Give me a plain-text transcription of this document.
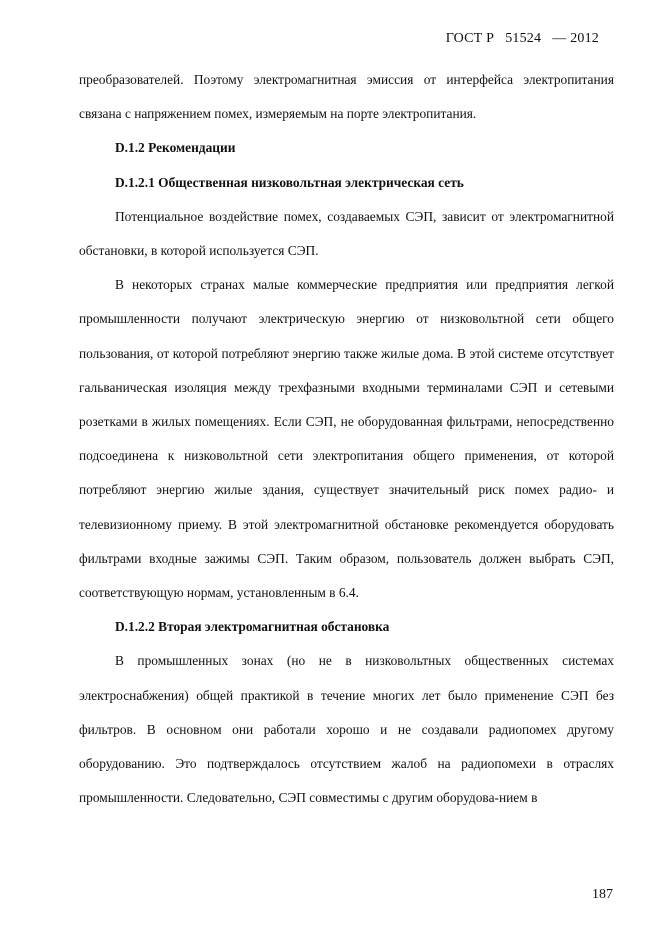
ГОСТ Р   51524   — 2012

преобразователей. Поэтому электромагнитная эмиссия от интерфейса электропитания связана с напряжением помех, измеряемым на порте электропитания.

D.1.2 Рекомендации

D.1.2.1 Общественная низковольтная электрическая сеть

Потенциальное воздействие помех, создаваемых СЭП, зависит от электромагнитной обстановки, в которой используется СЭП.

В некоторых странах малые коммерческие предприятия или предприятия легкой промышленности получают электрическую энергию от низковольтной сети общего пользования, от которой потребляют энергию также жилые дома. В этой системе отсутствует гальваническая изоляция между трехфазными входными терминалами СЭП и сетевыми розетками в жилых помещениях. Если СЭП, не оборудованная фильтрами, непосредственно подсоединена к низковольтной сети электропитания общего применения, от которой потребляют энергию жилые здания, существует значительный риск помех радио- и телевизионному приему. В этой электромагнитной обстановке рекомендуется оборудовать фильтрами входные зажимы СЭП. Таким образом, пользователь должен выбрать СЭП, соответствующую нормам, установленным в 6.4.

D.1.2.2 Вторая электромагнитная обстановка

В промышленных зонах (но не в низковольтных общественных системах электроснабжения) общей практикой в течение многих лет было применение СЭП без фильтров. В основном они работали хорошо и не создавали радиопомех другому оборудованию. Это подтверждалось отсутствием жалоб на радиопомехи в отраслях промышленности. Следовательно, СЭП совместимы с другим оборудова-нием в

187
